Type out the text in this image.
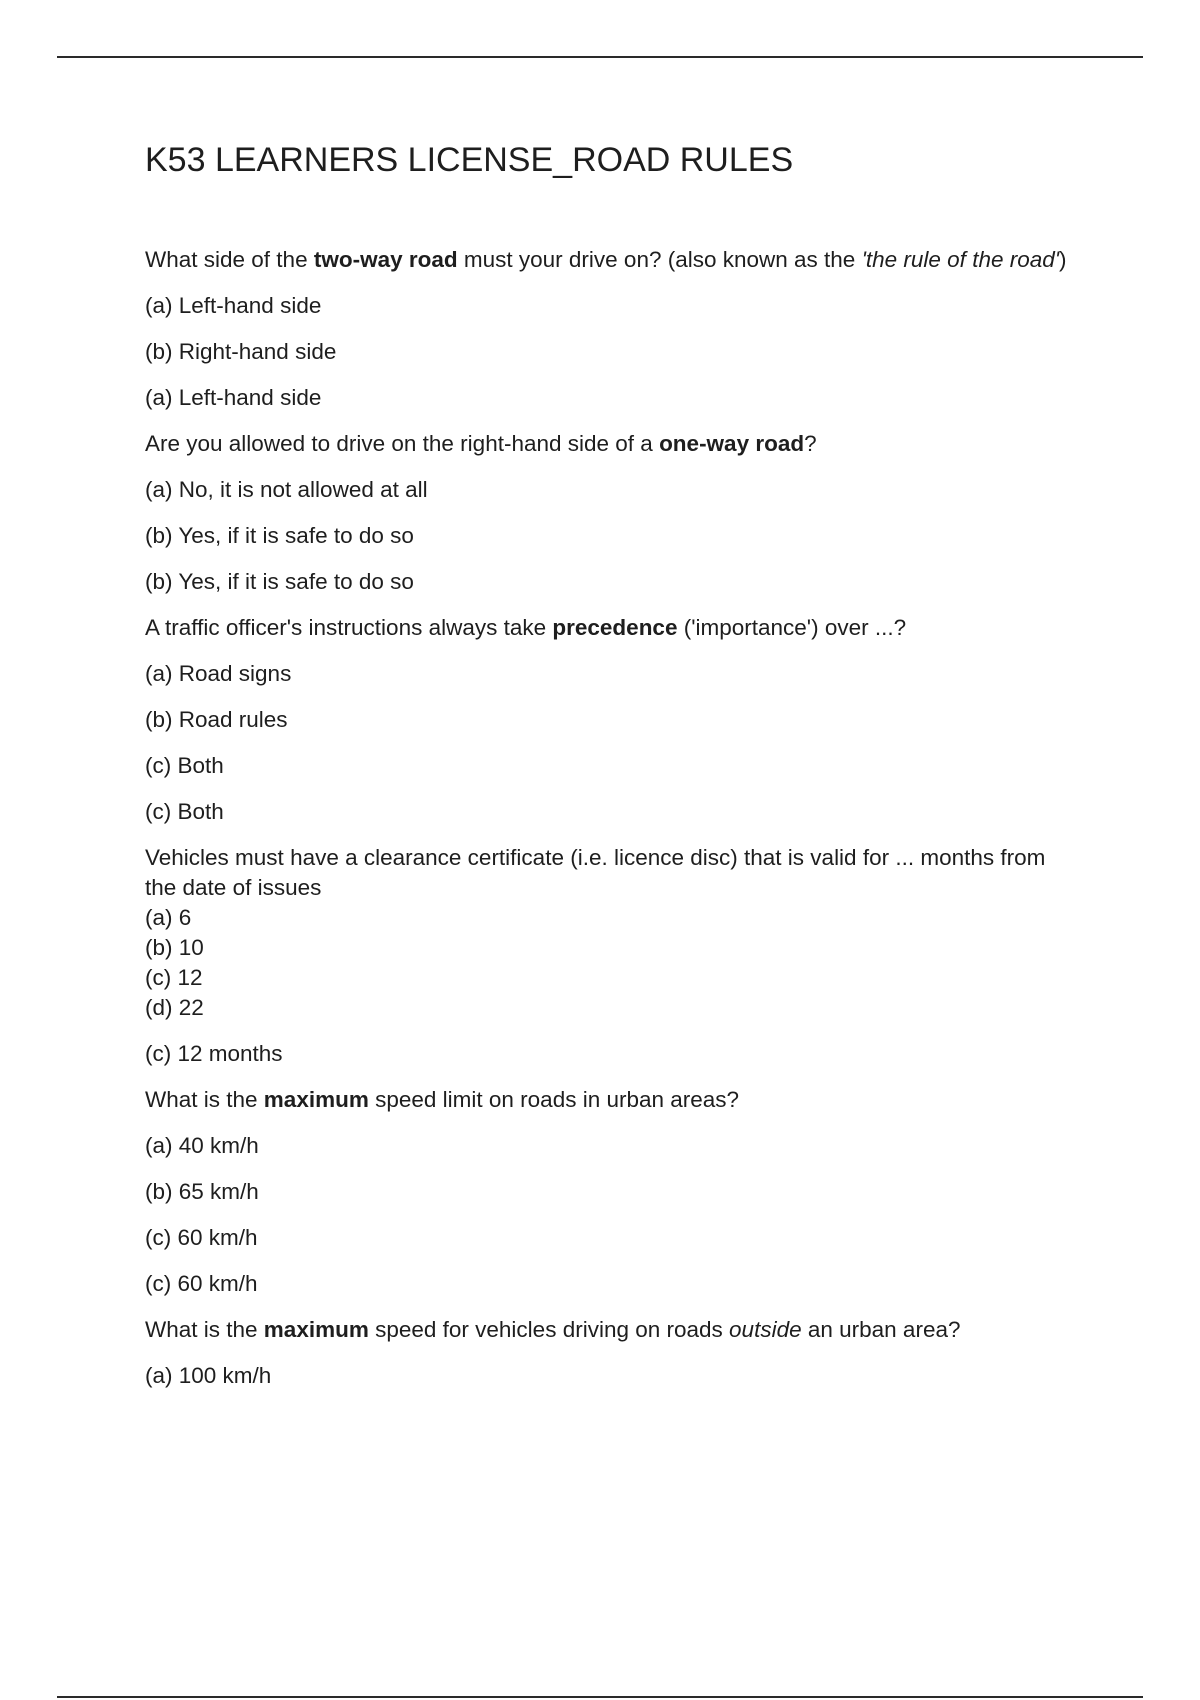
K53 LEARNERS LICENSE_ROAD RULES

What side of the two-way road must your drive on? (also known as the 'the rule of the road')

(a) Left-hand side

(b) Right-hand side

(a) Left-hand side

Are you allowed to drive on the right-hand side of a one-way road?

(a) No, it is not allowed at all

(b) Yes, if it is safe to do so

(b) Yes, if it is safe to do so

A traffic officer's instructions always take precedence ('importance') over ...?

(a) Road signs

(b) Road rules

(c) Both

(c) Both

Vehicles must have a clearance certificate (i.e. licence disc) that is valid for ... months from the date of issues

(a) 6

(b) 10

(c) 12

(d) 22

(c) 12 months

What is the maximum speed limit on roads in urban areas?

(a) 40 km/h

(b) 65 km/h

(c) 60 km/h

(c) 60 km/h

What is the maximum speed for vehicles driving on roads outside an urban area?

(a) 100 km/h
